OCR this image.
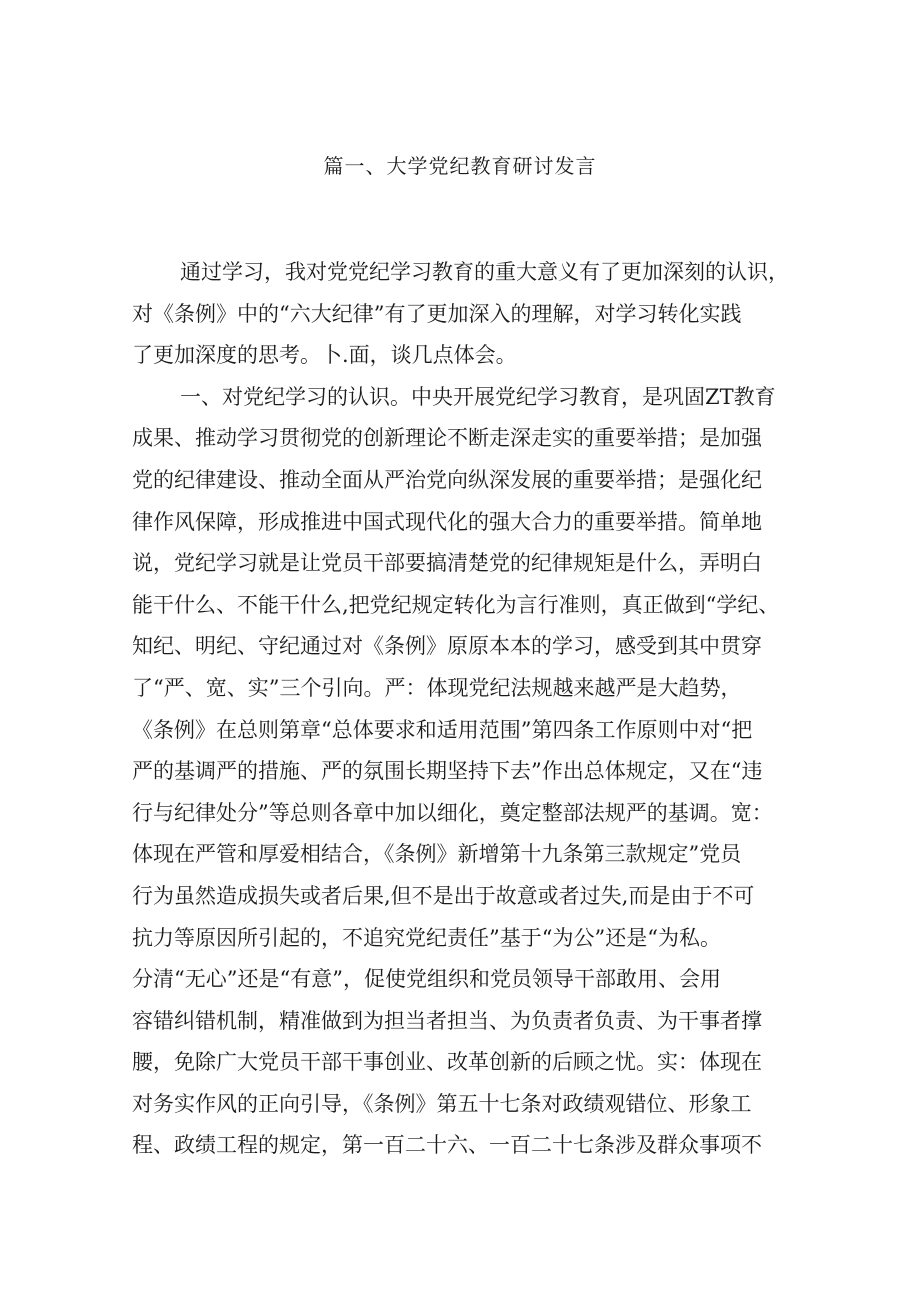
篇一、大学党纪教育研讨发言
通过学习，我对党党纪学习教育的重大意义有了更加深刻的认识，
对《条例》中的“六大纪律”有了更加深入的理解，对学习转化实践
了更加深度的思考。卜.面，谈几点体会。
一、对党纪学习的认识。中央开展党纪学习教育，是巩固ZT教育
成果、推动学习贯彻党的创新理论不断走深走实的重要举措；是加强
党的纪律建设、推动全面从严治党向纵深发展的重要举措；是强化纪
律作风保障，形成推进中国式现代化的强大合力的重要举措。简单地
说，党纪学习就是让党员干部要搞清楚党的纪律规矩是什么，弄明白
能干什么、不能干什么,把党纪规定转化为言行准则，真正做到“学纪、
知纪、明纪、守纪通过对《条例》原原本本的学习，感受到其中贯穿
了“严、宽、实”三个引向。严：体现党纪法规越来越严是大趋势，
《条例》在总则第章“总体要求和适用范围”第四条工作原则中对“把
严的基调严的措施、严的氛围长期坚持下去”作出总体规定，又在“违
行与纪律处分”等总则各章中加以细化，奠定整部法规严的基调。宽：
体现在严管和厚爱相结合，《条例》新增第十九条第三款规定”党员
行为虽然造成损失或者后果,但不是出于故意或者过失,而是由于不可
抗力等原因所引起的，不追究党纪责任”基于“为公”还是“为私。
分清“无心”还是“有意”，促使党组织和党员领导干部敢用、会用
容错纠错机制，精准做到为担当者担当、为负责者负责、为干事者撑
腰，免除广大党员干部干事创业、改革创新的后顾之忧。实：体现在
对务实作风的正向引导，《条例》第五十七条对政绩观错位、形象工
程、政绩工程的规定，第一百二十六、一百二十七条涉及群众事项不
